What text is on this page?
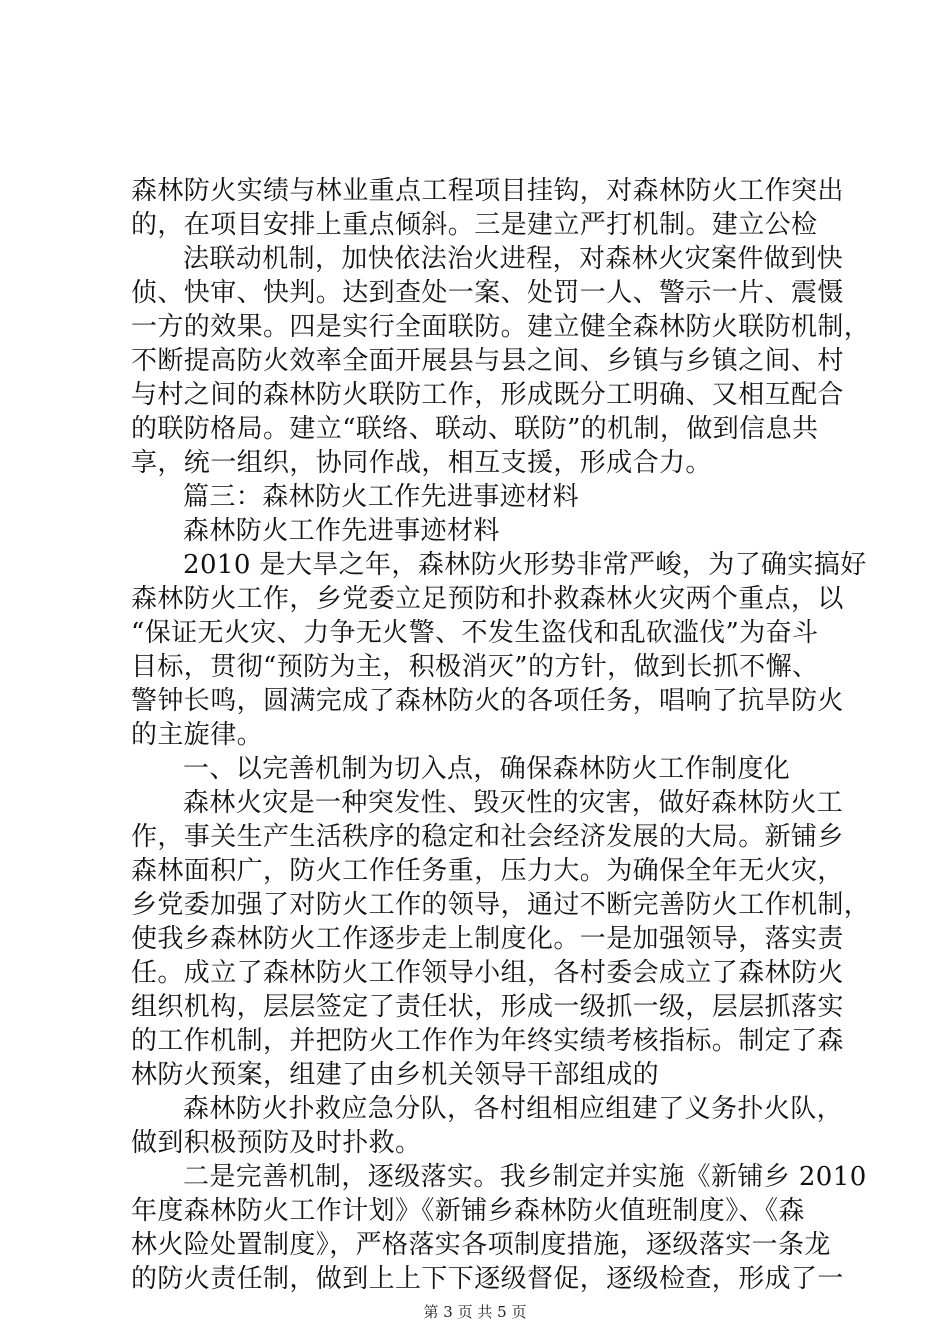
森林防火实绩与林业重点工程项目挂钩，对森林防火工作突出
的，在项目安排上重点倾斜。三是建立严打机制。建立公检
法联动机制，加快依法治火进程，对森林火灾案件做到快
侦、快审、快判。达到查处一案、处罚一人、警示一片、震慑
一方的效果。四是实行全面联防。建立健全森林防火联防机制，
不断提高防火效率全面开展县与县之间、乡镇与乡镇之间、村
与村之间的森林防火联防工作，形成既分工明确、又相互配合
的联防格局。建立“联络、联动、联防”的机制，做到信息共
享，统一组织，协同作战，相互支援，形成合力。
篇三：森林防火工作先进事迹材料
森林防火工作先进事迹材料
2010 是大旱之年，森林防火形势非常严峻，为了确实搞好
森林防火工作，乡党委立足预防和扑救森林火灾两个重点，以
“保证无火灾、力争无火警、不发生盗伐和乱砍滥伐”为奋斗
目标，贯彻“预防为主，积极消灭”的方针，做到长抓不懈、
警钟长鸣，圆满完成了森林防火的各项任务，唱响了抗旱防火
的主旋律。
一、以完善机制为切入点，确保森林防火工作制度化
森林火灾是一种突发性、毁灭性的灾害，做好森林防火工
作，事关生产生活秩序的稳定和社会经济发展的大局。新铺乡
森林面积广，防火工作任务重，压力大。为确保全年无火灾，
乡党委加强了对防火工作的领导，通过不断完善防火工作机制，
使我乡森林防火工作逐步走上制度化。一是加强领导，落实责
任。成立了森林防火工作领导小组，各村委会成立了森林防火
组织机构，层层签定了责任状，形成一级抓一级，层层抓落实
的工作机制，并把防火工作作为年终实绩考核指标。制定了森
林防火预案，组建了由乡机关领导干部组成的
森林防火扑救应急分队，各村组相应组建了义务扑火队，
做到积极预防及时扑救。
二是完善机制，逐级落实。我乡制定并实施《新铺乡 2010
年度森林防火工作计划》《新铺乡森林防火值班制度》、《森
林火险处置制度》，严格落实各项制度措施，逐级落实一条龙
的防火责任制，做到上上下下逐级督促，逐级检查，形成了一
第 3 页 共 5 页
